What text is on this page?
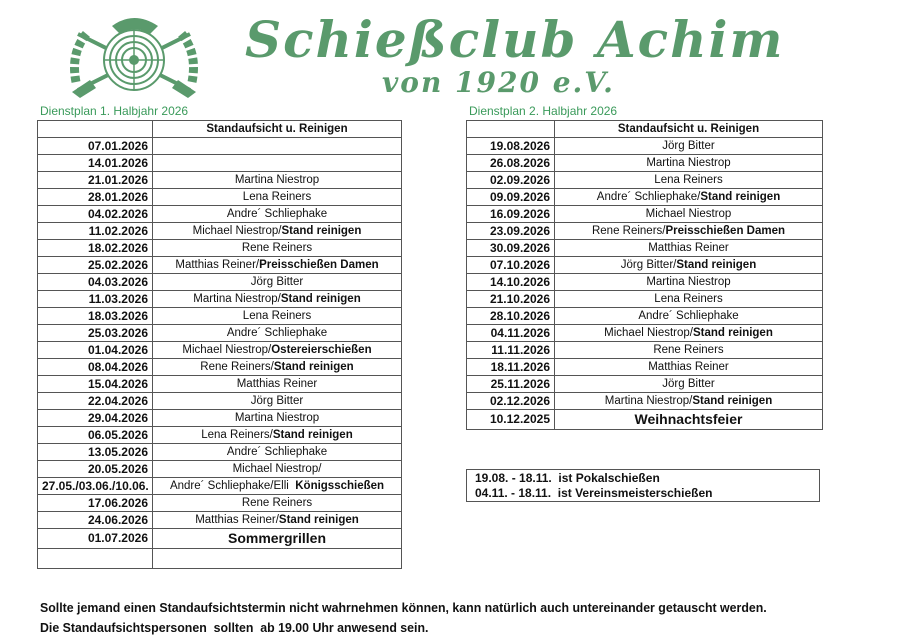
Schießclub Achim
von 1920 e.V.
Dienstplan 1. Halbjahr 2026
	Standaufsicht u. Reinigen
07.01.2026	
14.01.2026	
21.01.2026	Martina Niestrop
28.01.2026	Lena Reiners
04.02.2026	Andre´ Schliephake
11.02.2026	Michael Niestrop/Stand reinigen
18.02.2026	Rene Reiners
25.02.2026	Matthias Reiner/Preisschießen Damen
04.03.2026	Jörg Bitter
11.03.2026	Martina Niestrop/Stand reinigen
18.03.2026	Lena Reiners
25.03.2026	Andre´ Schliephake
01.04.2026	Michael Niestrop/Ostereierschießen
08.04.2026	Rene Reiners/Stand reinigen
15.04.2026	Matthias Reiner
22.04.2026	Jörg Bitter
29.04.2026	Martina Niestrop
06.05.2026	Lena Reiners/Stand reinigen
13.05.2026	Andre´ Schliephake
20.05.2026	Michael Niestrop/
27.05./03.06./10.06.	Andre´ Schliephake/Elli  Königsschießen
17.06.2026	Rene Reiners
24.06.2026	Matthias Reiner/Stand reinigen
01.07.2026	Sommergrillen

Dienstplan 2. Halbjahr 2026
	Standaufsicht u. Reinigen
19.08.2026	Jörg Bitter
26.08.2026	Martina Niestrop
02.09.2026	Lena Reiners
09.09.2026	Andre´ Schliephake/Stand reinigen
16.09.2026	Michael Niestrop
23.09.2026	Rene Reiners/Preisschießen Damen
30.09.2026	Matthias Reiner
07.10.2026	Jörg Bitter/Stand reinigen
14.10.2026	Martina Niestrop
21.10.2026	Lena Reiners
28.10.2026	Andre´ Schliephake
04.11.2026	Michael Niestrop/Stand reinigen
11.11.2026	Rene Reiners
18.11.2026	Matthias Reiner
25.11.2026	Jörg Bitter
02.12.2026	Martina Niestrop/Stand reinigen
10.12.2025	Weihnachtsfeier
19.08. - 18.11.  ist Pokalschießen
04.11. - 18.11.  ist Vereinsmeisterschießen
Sollte jemand einen Standaufsichtstermin nicht wahrnehmen können, kann natürlich auch untereinander getauscht werden.
Die Standaufsichtspersonen  sollten  ab 19.00 Uhr anwesend sein.
